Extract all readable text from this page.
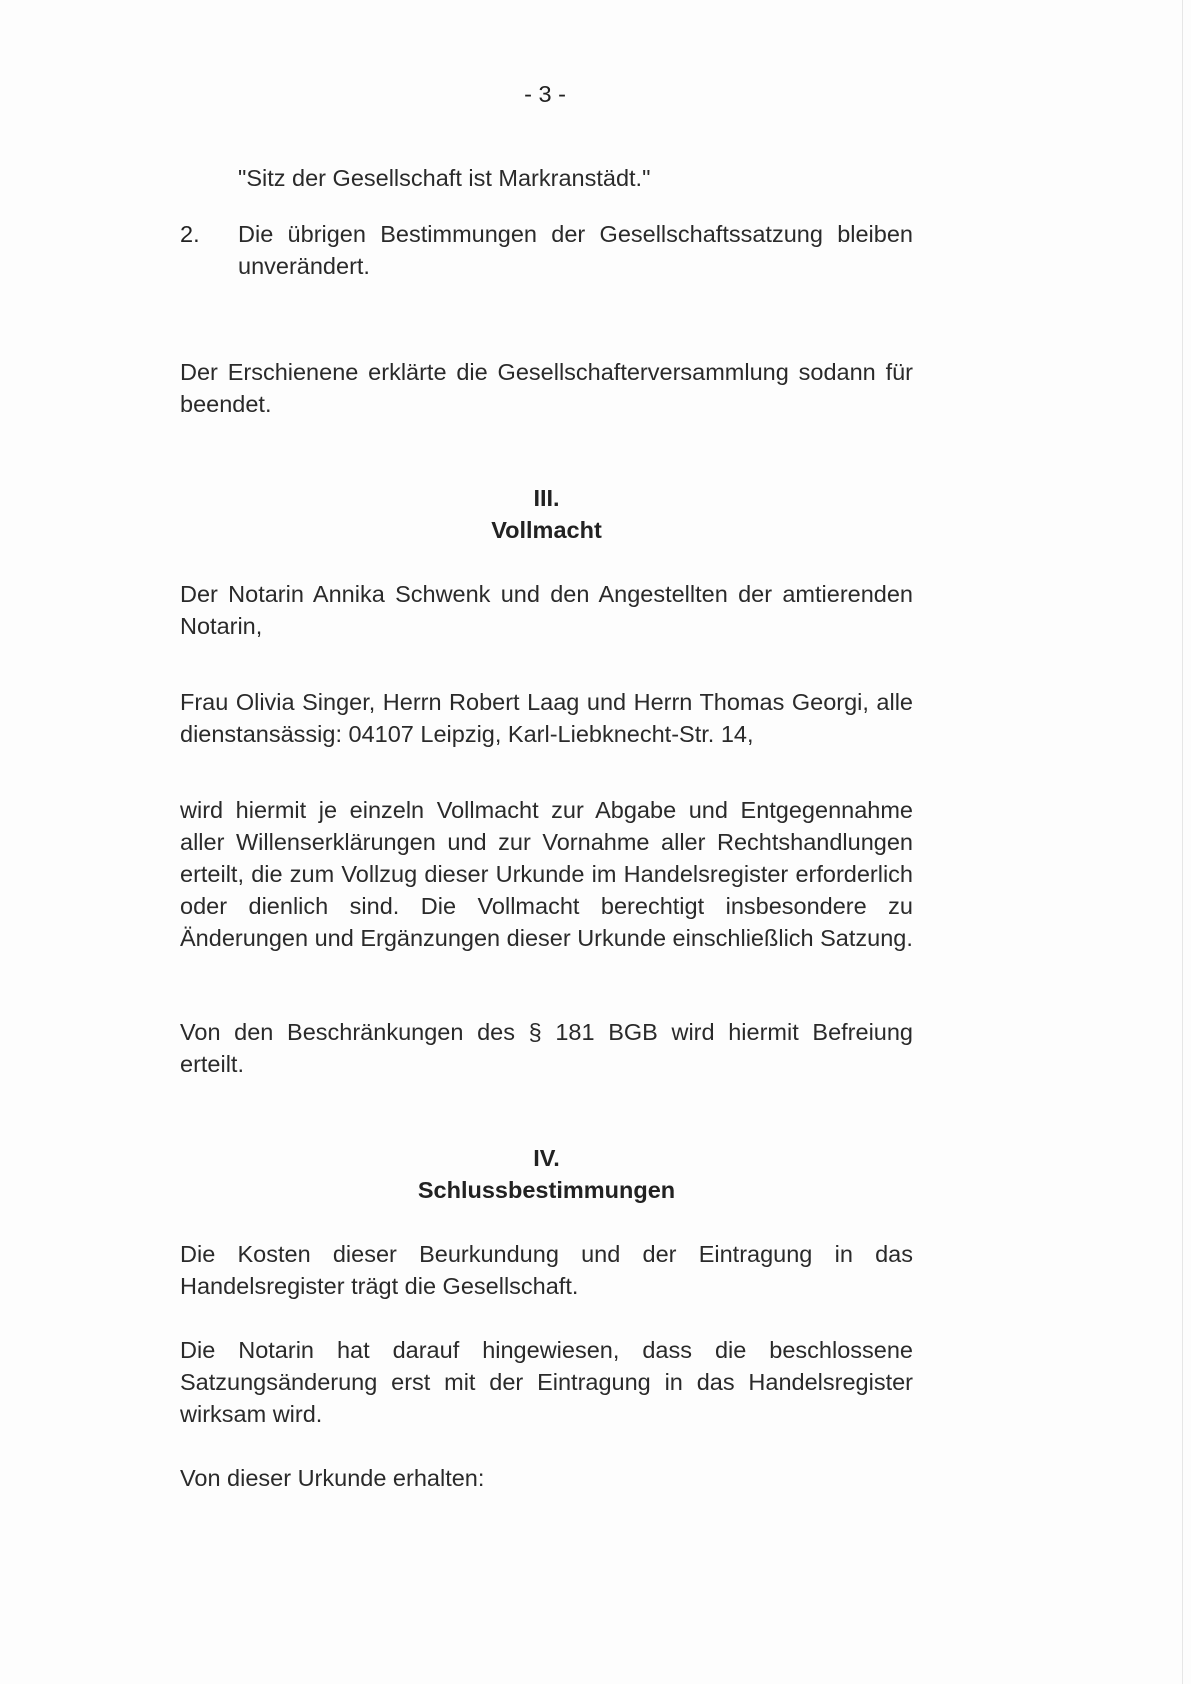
- 3 -

"Sitz der Gesellschaft ist Markranstädt."

2. Die übrigen Bestimmungen der Gesellschaftssatzung bleiben unverändert.

Der Erschienene erklärte die Gesellschafterversammlung sodann für beendet.

III.
Vollmacht

Der Notarin Annika Schwenk und den Angestellten der amtierenden Notarin,

Frau Olivia Singer, Herrn Robert Laag und Herrn Thomas Georgi, alle dienstansässig: 04107 Leipzig, Karl-Liebknecht-Str. 14,

wird hiermit je einzeln Vollmacht zur Abgabe und Entgegennahme aller Willenserklärungen und zur Vornahme aller Rechtshandlungen erteilt, die zum Vollzug dieser Urkunde im Handelsregister erforderlich oder dienlich sind. Die Vollmacht berechtigt insbesondere zu Änderungen und Ergänzungen dieser Urkunde einschließlich Satzung.

Von den Beschränkungen des § 181 BGB wird hiermit Befreiung erteilt.

IV.
Schlussbestimmungen

Die Kosten dieser Beurkundung und der Eintragung in das Handelsregister trägt die Gesellschaft.

Die Notarin hat darauf hingewiesen, dass die beschlossene Satzungsänderung erst mit der Eintragung in das Handelsregister wirksam wird.

Von dieser Urkunde erhalten:
